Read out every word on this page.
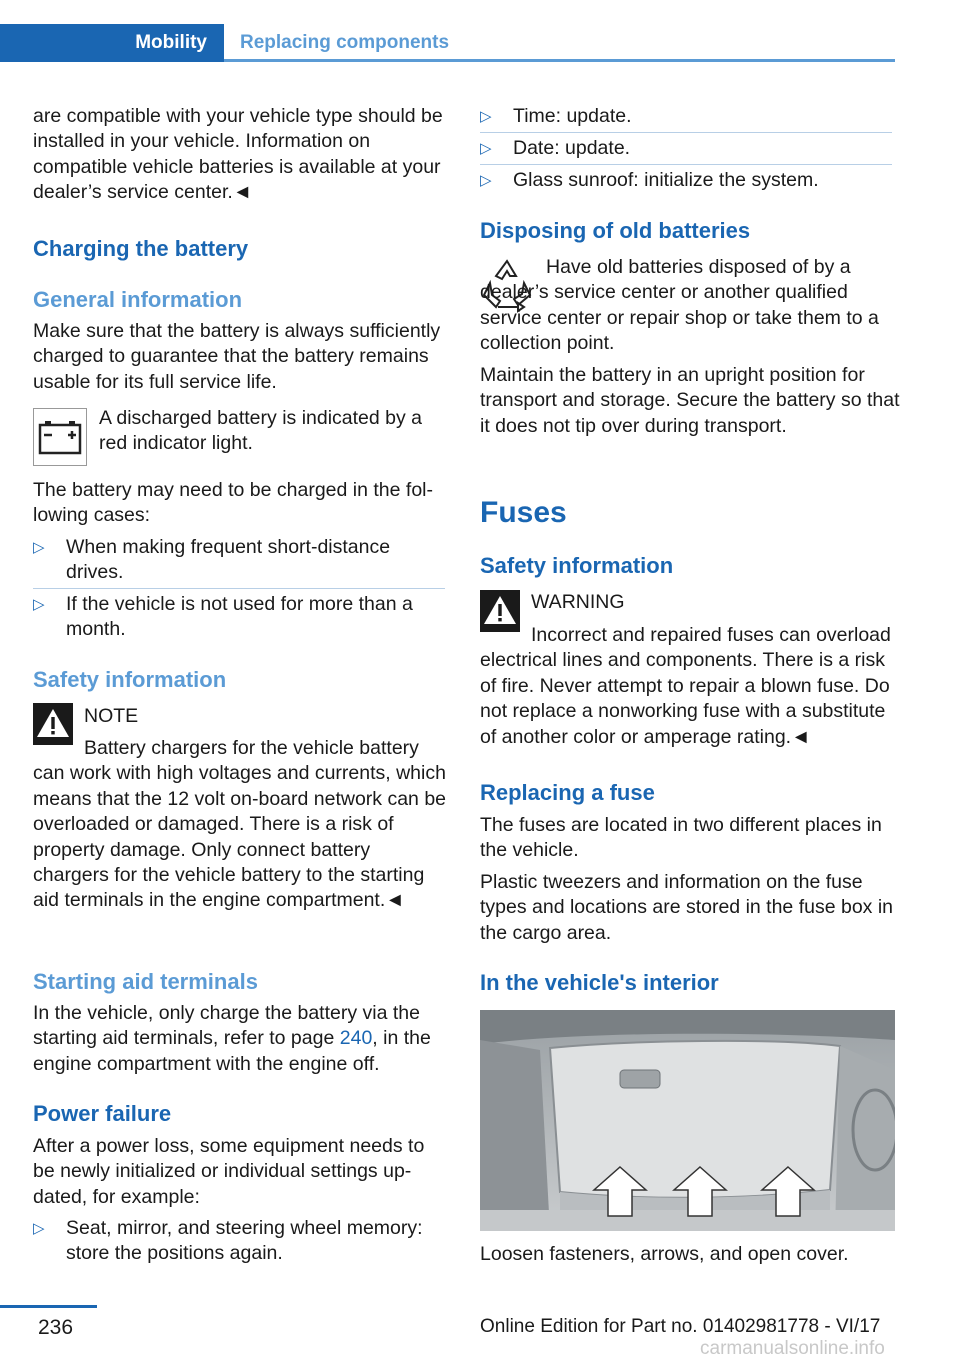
Mobility	Replacing components

are compatible with your vehicle type should be installed in your vehicle. Information on compatible vehicle batteries is available at your dealer’s service center.◄

Charging the battery
General information

Make sure that the battery is always sufficiently charged to guarantee that the battery remains usable for its full service life.

A discharged battery is indicated by a red indicator light.

The battery may need to be charged in the following cases:

▷ When making frequent short-distance drives.
▷ If the vehicle is not used for more than a month.
Safety information
NOTE

Battery chargers for the vehicle battery can work with high voltages and currents, which means that the 12 volt on-board network can be overloaded or damaged. There is a risk of property damage. Only connect battery chargers for the vehicle battery to the starting aid terminals in the engine compartment.◄

Starting aid terminals

In the vehicle, only charge the battery via the starting aid terminals, refer to page 240, in the engine compartment with the engine off.

Power failure

After a power loss, some equipment needs to be newly initialized or individual settings updated, for example:

▷ Seat, mirror, and steering wheel memory: store the positions again.
▷ Time: update.
▷ Date: update.
▷ Glass sunroof: initialize the system.
Disposing of old batteries

Have old batteries disposed of by a dealer’s service center or another qualified service center or repair shop or take them to a collection point.

Maintain the battery in an upright position for transport and storage. Secure the battery so that it does not tip over during transport.

Fuses
Safety information
WARNING

Incorrect and repaired fuses can overload electrical lines and components. There is a risk of fire. Never attempt to repair a blown fuse. Do not replace a nonworking fuse with a substitute of another color or amperage rating.◄

Replacing a fuse

The fuses are located in two different places in the vehicle.

Plastic tweezers and information on the fuse types and locations are stored in the fuse box in the cargo area.

In the vehicle's interior

Loosen fasteners, arrows, and open cover.

236	Online Edition for Part no. 01402981778 - VI/17
carmanualsonline.info
